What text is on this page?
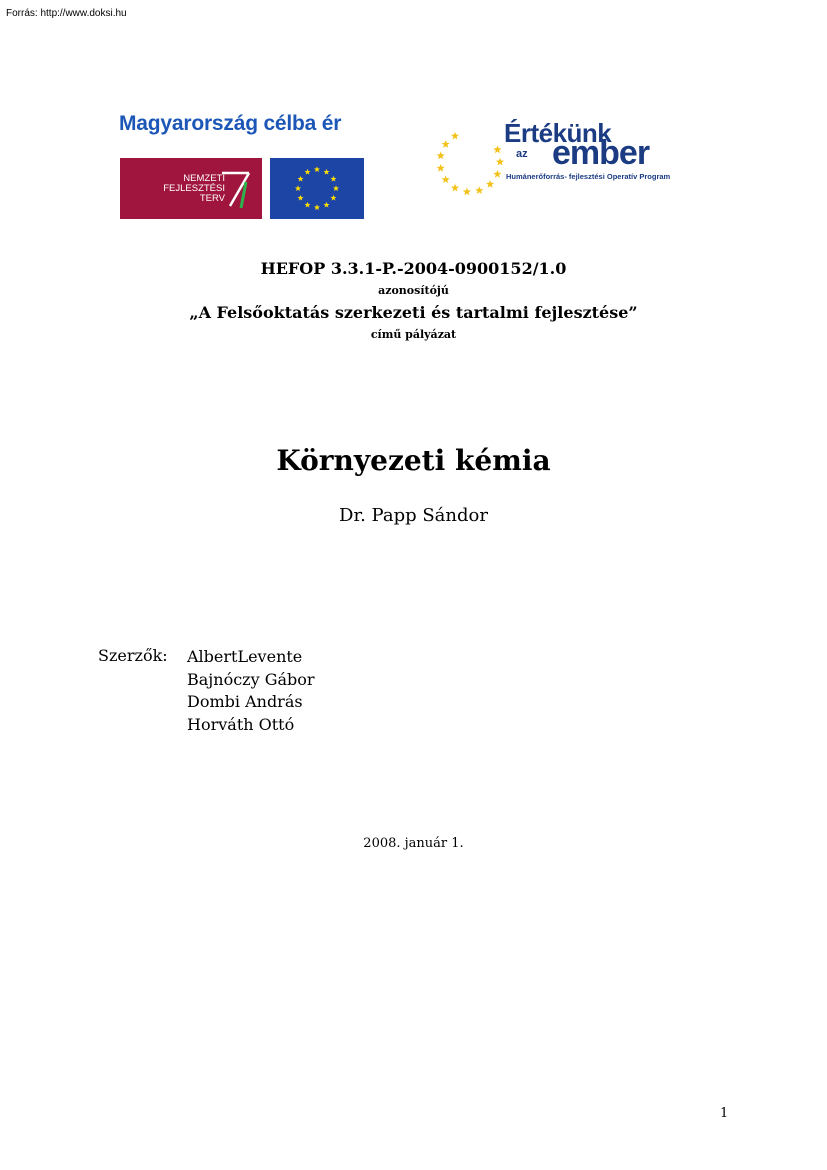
Forrás: http://www.doksi.hu
Magyarország célba ér
NEMZETI
FEJLESZTÉSI
TERV
Értékünk
az ember
Humánerőforrás- fejlesztési Operatív Program
HEFOP 3.3.1-P.-2004-0900152/1.0
azonosítójú
„A Felsőoktatás szerkezeti és tartalmi fejlesztése”
című pályázat
Környezeti kémia
Dr. Papp Sándor
Szerzők: AlbertLevente
Bajnóczy Gábor
Dombi András
Horváth Ottó
2008. január 1.
1
